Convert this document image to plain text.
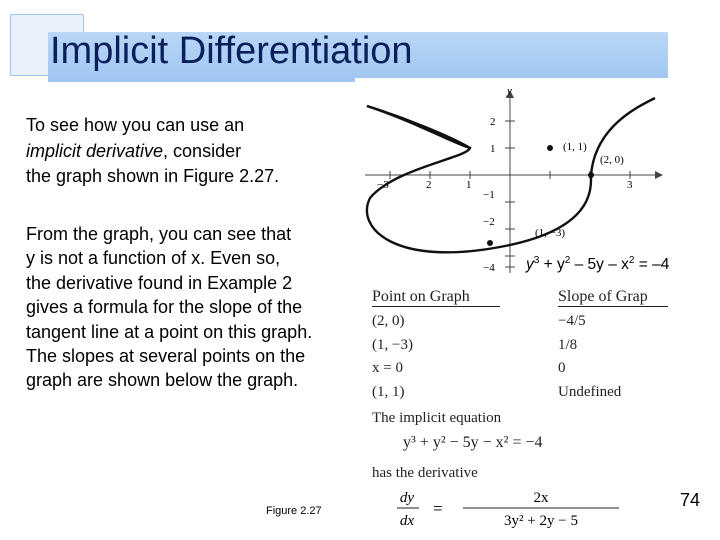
Implicit Differentiation
To see how you can use an
implicit derivative, consider
the graph shown in Figure 2.27.
From the graph, you can see that
y is not a function of x. Even so,
the derivative found in Example 2
gives a formula for the slope of the
tangent line at a point on this graph.
The slopes at several points on the
graph are shown below the graph.
y
−3	2	1	3
2
1
−1
−2
−4
(1, 1)
(2, 0)
(1, −3)
$y^3 + y^2 - 5y - x^2 = -4$
Point on Graph	Slope of Grap
(2, 0)	−4/5
(1, −3)	1/8
x = 0	0
(1, 1)	Undefined
The implicit equation
y³ + y² − 5y − x² = −4
has the derivative
dy
dx
=
2x
3y² + 2y − 5
Figure 2.27
74
